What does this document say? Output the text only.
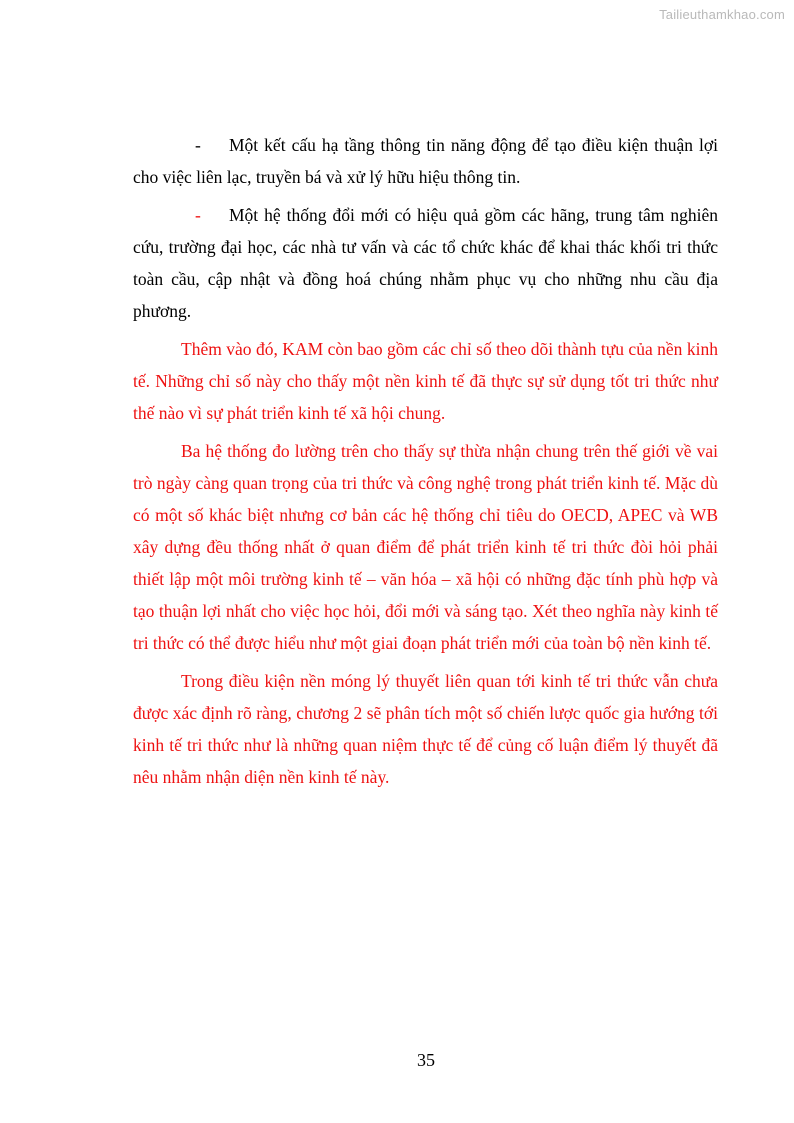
Tailieuthamkhao.com
- Một kết cấu hạ tầng thông tin năng động để tạo điều kiện thuận lợi cho việc liên lạc, truyền bá và xử lý hữu hiệu thông tin.
- Một hệ thống đổi mới có hiệu quả gồm các hãng, trung tâm nghiên cứu, trường đại học, các nhà tư vấn và các tổ chức khác để khai thác khối tri thức toàn cầu, cập nhật và đồng hoá chúng nhằm phục vụ cho những nhu cầu địa phương.

Thêm vào đó, KAM còn bao gồm các chỉ số theo dõi thành tựu của nền kinh tế. Những chỉ số này cho thấy một nền kinh tế đã thực sự sử dụng tốt tri thức như thế nào vì sự phát triển kinh tế xã hội chung.

Ba hệ thống đo lường trên cho thấy sự thừa nhận chung trên thế giới về vai trò ngày càng quan trọng của tri thức và công nghệ trong phát triển kinh tế. Mặc dù có một số khác biệt nhưng cơ bản các hệ thống chỉ tiêu do OECD, APEC và WB xây dựng đều thống nhất ở quan điểm để phát triển kinh tế tri thức đòi hỏi phải thiết lập một môi trường kinh tế – văn hóa – xã hội có những đặc tính phù hợp và tạo thuận lợi nhất cho việc học hỏi, đổi mới và sáng tạo. Xét theo nghĩa này kinh tế tri thức có thể được hiểu như một giai đoạn phát triển mới của toàn bộ nền kinh tế.

Trong điều kiện nền móng lý thuyết liên quan tới kinh tế tri thức vẫn chưa được xác định rõ ràng, chương 2 sẽ phân tích một số chiến lược quốc gia hướng tới kinh tế tri thức như là những quan niệm thực tế để củng cố luận điểm lý thuyết đã nêu nhằm nhận diện nền kinh tế này.

35
